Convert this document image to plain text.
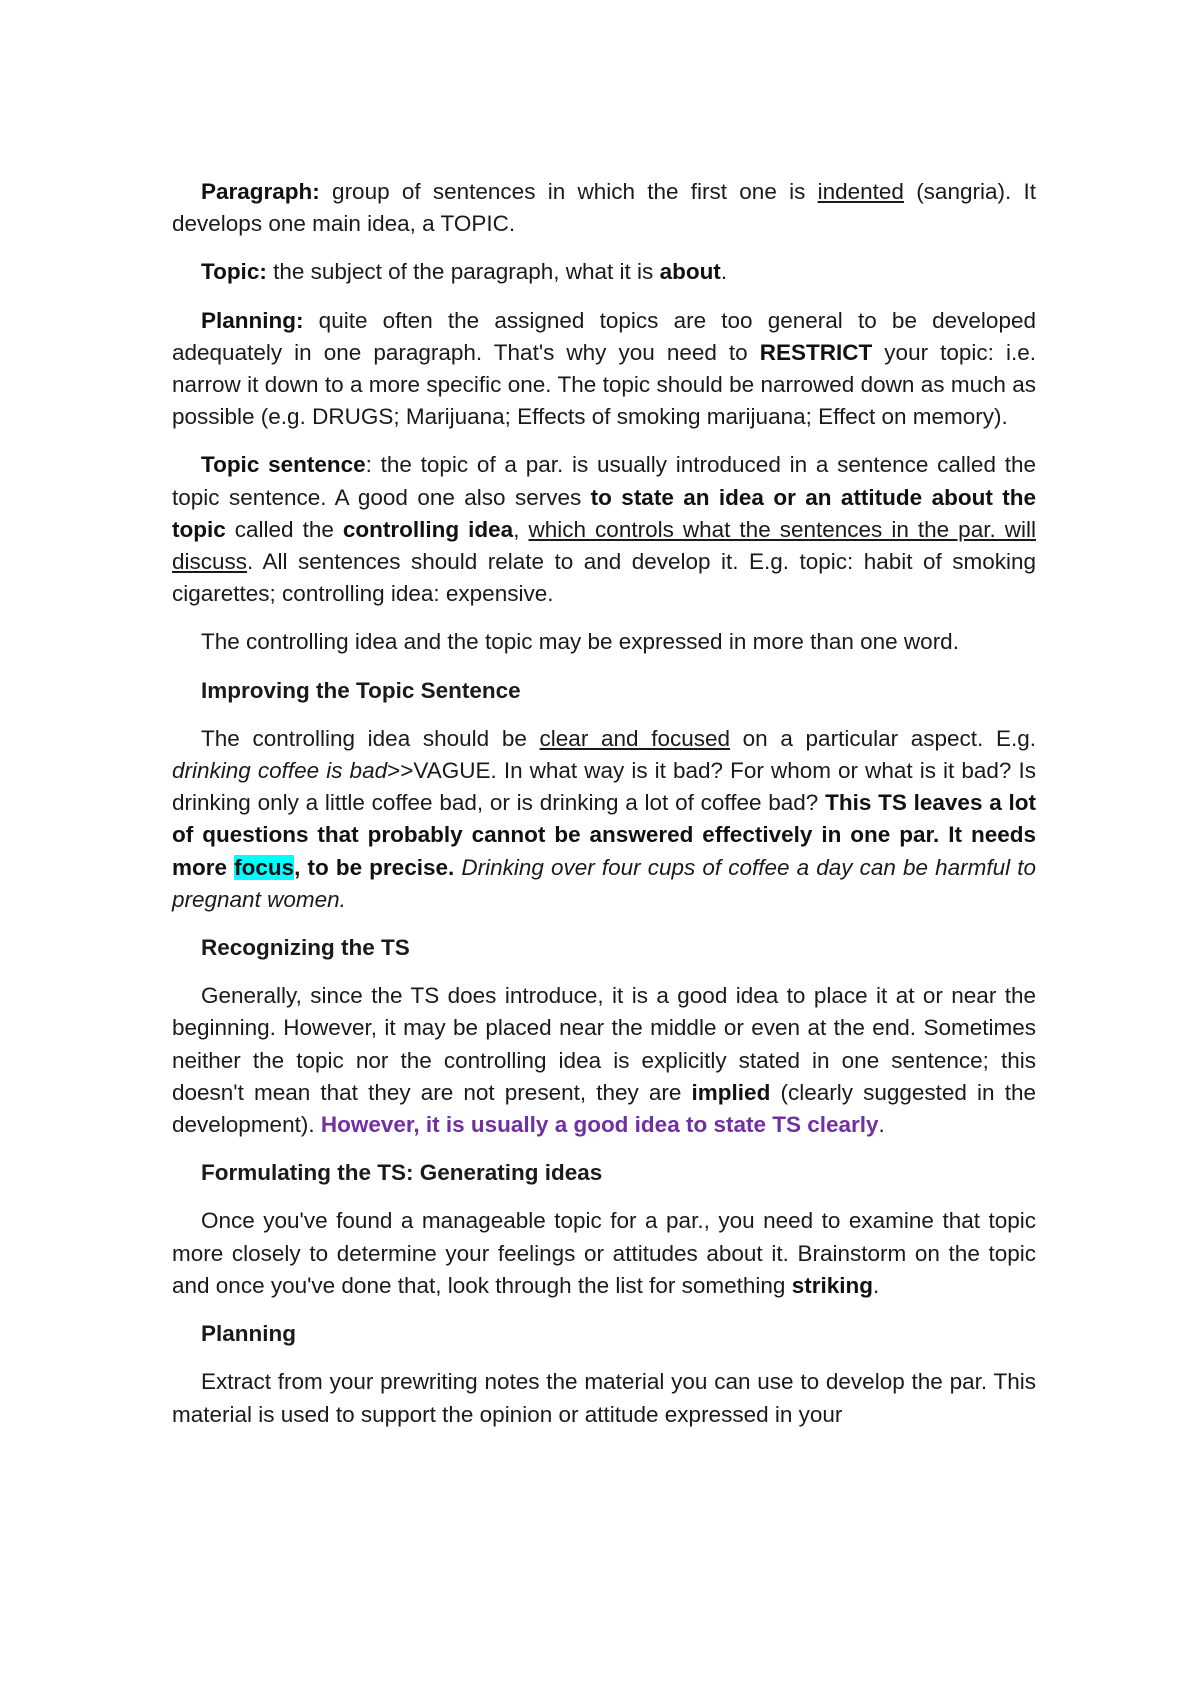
Paragraph: group of sentences in which the first one is indented (sangria). It develops one main idea, a TOPIC.

Topic: the subject of the paragraph, what it is about.

Planning: quite often the assigned topics are too general to be developed adequately in one paragraph. That's why you need to RESTRICT your topic: i.e. narrow it down to a more specific one. The topic should be narrowed down as much as possible (e.g. DRUGS; Marijuana; Effects of smoking marijuana; Effect on memory).

Topic sentence: the topic of a par. is usually introduced in a sentence called the topic sentence. A good one also serves to state an idea or an attitude about the topic called the controlling idea, which controls what the sentences in the par. will discuss. All sentences should relate to and develop it. E.g. topic: habit of smoking cigarettes; controlling idea: expensive.

The controlling idea and the topic may be expressed in more than one word.

Improving the Topic Sentence

The controlling idea should be clear and focused on a particular aspect. E.g. drinking coffee is bad>>VAGUE. In what way is it bad? For whom or what is it bad? Is drinking only a little coffee bad, or is drinking a lot of coffee bad? This TS leaves a lot of questions that probably cannot be answered effectively in one par. It needs more focus, to be precise. Drinking over four cups of coffee a day can be harmful to pregnant women.

Recognizing the TS

Generally, since the TS does introduce, it is a good idea to place it at or near the beginning. However, it may be placed near the middle or even at the end. Sometimes neither the topic nor the controlling idea is explicitly stated in one sentence; this doesn't mean that they are not present, they are implied (clearly suggested in the development). However, it is usually a good idea to state TS clearly.

Formulating the TS: Generating ideas

Once you've found a manageable topic for a par., you need to examine that topic more closely to determine your feelings or attitudes about it. Brainstorm on the topic and once you've done that, look through the list for something striking.

Planning

Extract from your prewriting notes the material you can use to develop the par. This material is used to support the opinion or attitude expressed in your
